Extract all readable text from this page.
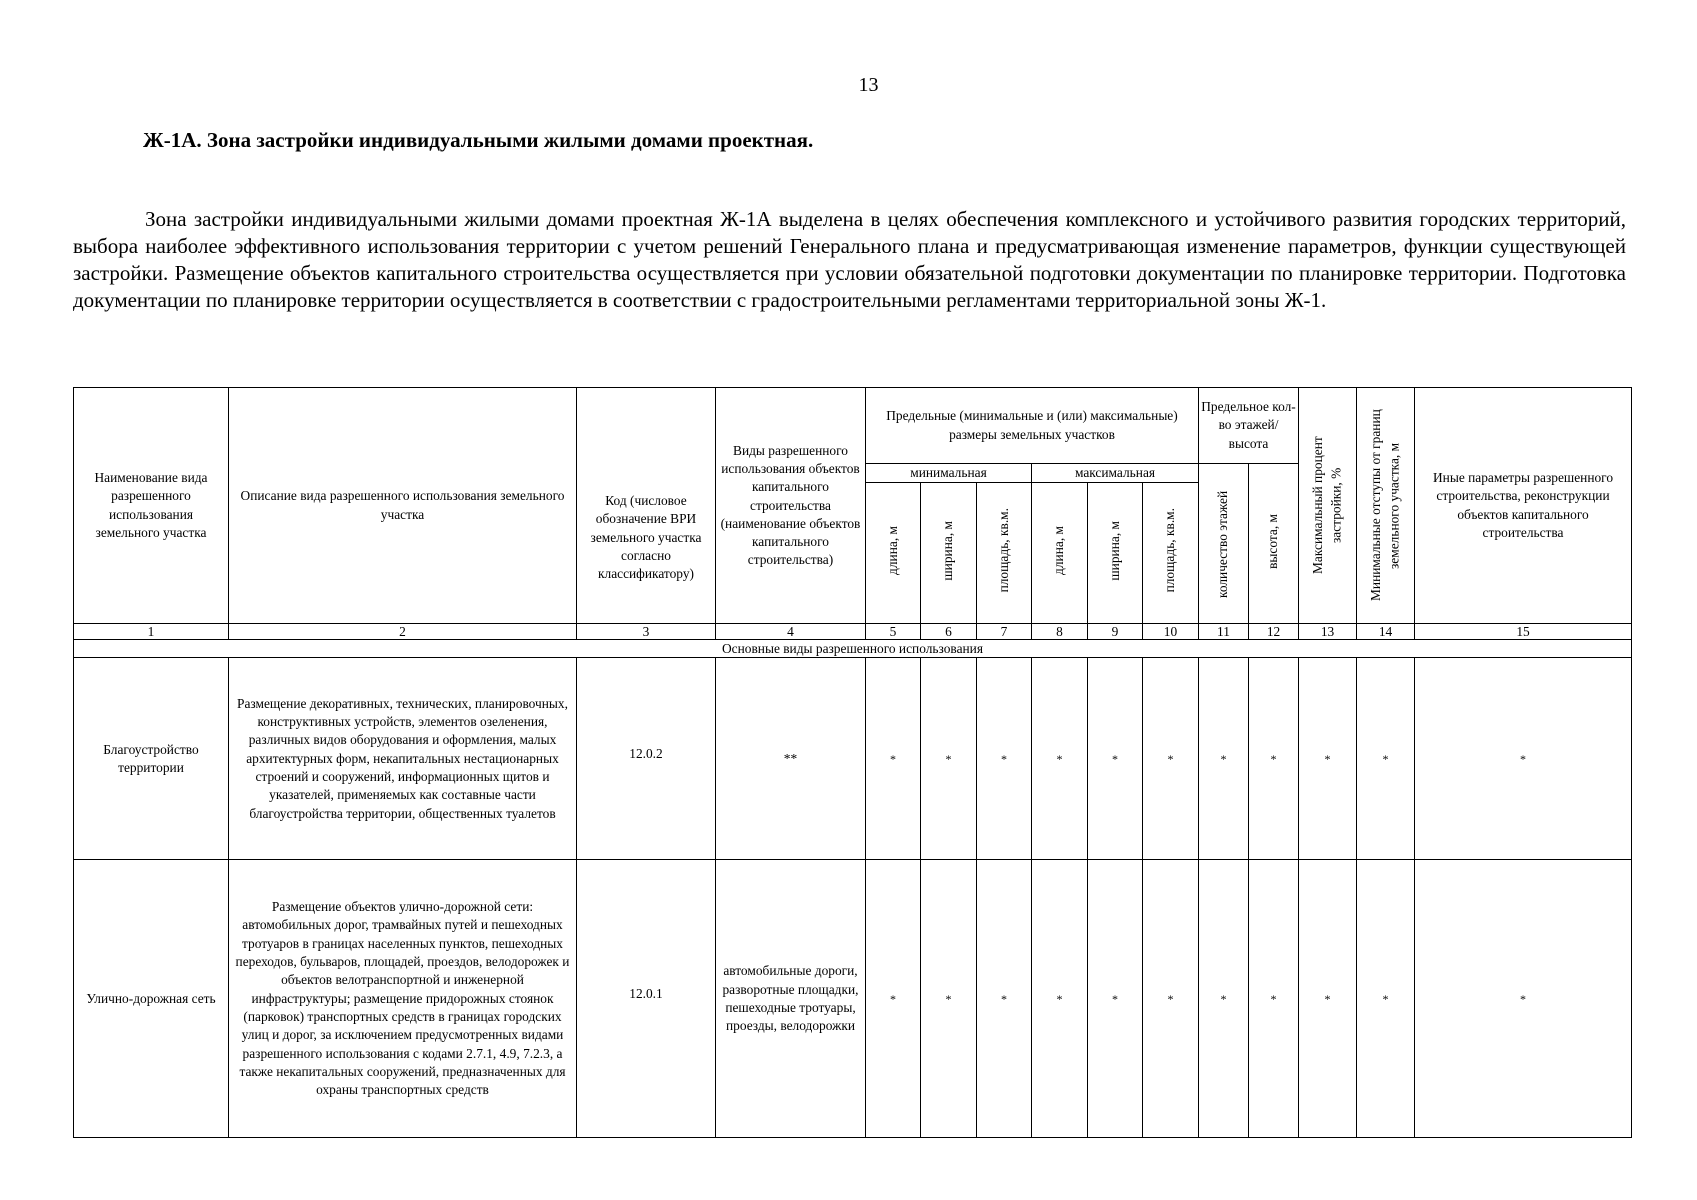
13
Ж-1А. Зона застройки индивидуальными жилыми домами проектная.

Зона застройки индивидуальными жилыми домами проектная Ж-1А выделена в целях обеспечения комплексного и устойчивого развития городских территорий, выбора наиболее эффективного использования территории с учетом решений Генерального плана и предусматривающая изменение параметров, функции существующей застройки. Размещение объектов капитального строительства осуществляется при условии обязательной подготовки документации по планировке территории. Подготовка документации по планировке территории осуществляется в соответствии с градостроительными регламентами территориальной зоны Ж-1.

Наименование вида разрешенного использования земельного участка	Описание вида разрешенного использования земельного участка	Код (числовое обозначение ВРИ земельного участка согласно классификатору)	Виды разрешенного использования объектов капитального строительства (наименование объектов капитального строительства)	Предельные (минимальные и (или) максимальные) размеры земельных участков						Предельное кол-во этажей/ высота		Максимальный процент застройки, %	Минимальные отступы от границ земельного участка, м	Иные параметры разрешенного строительства, реконструкции объектов капитального строительства
				минимальная			максимальная			количество этажей	высота, м			
				длина, м	ширина, м	площадь, кв.м.	длина, м	ширина, м	площадь, кв.м.					
1	2	3	4	5	6	7	8	9	10	11	12	13	14	15
Основные виды разрешенного использования														
Благоустройство территории	Размещение декоративных, технических, планировочных, конструктивных устройств, элементов озеленения, различных видов оборудования и оформления, малых архитектурных форм, некапитальных нестационарных строений и сооружений, информационных щитов и указателей, применяемых как составные части благоустройства территории, общественных туалетов	12.0.2	**	*	*	*	*	*	*	*	*	*	*	*
Улично-дорожная сеть	Размещение объектов улично-дорожной сети: автомобильных дорог, трамвайных путей и пешеходных тротуаров в границах населенных пунктов, пешеходных переходов, бульваров, площадей, проездов, велодорожек и объектов велотранспортной и инженерной инфраструктуры; размещение придорожных стоянок (парковок) транспортных средств в границах городских улиц и дорог, за исключением предусмотренных видами разрешенного использования с кодами 2.7.1, 4.9, 7.2.3, а также некапитальных сооружений, предназначенных для охраны транспортных средств	12.0.1	автомобильные дороги, разворотные площадки, пешеходные тротуары, проезды, велодорожки	*	*	*	*	*	*	*	*	*	*	*
